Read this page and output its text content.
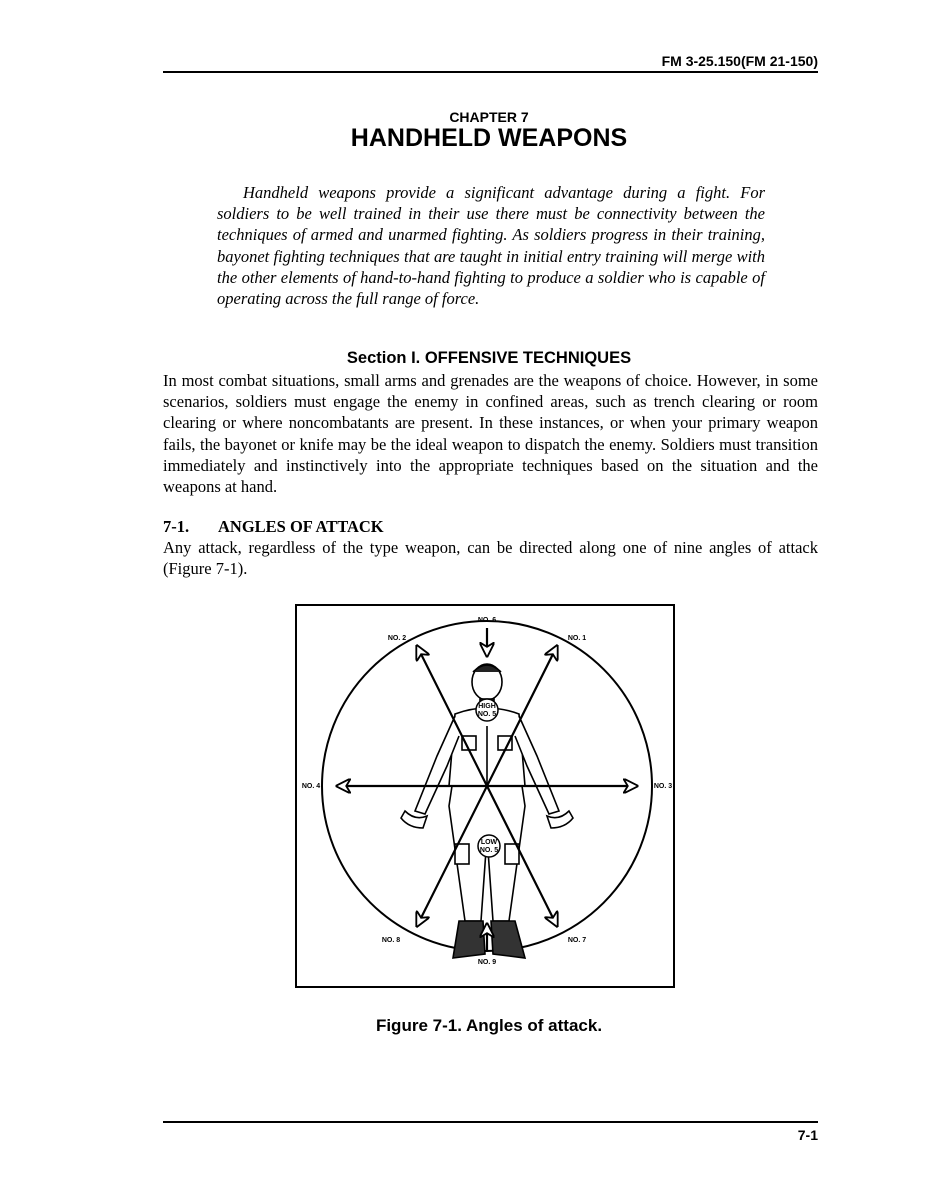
FM 3-25.150(FM 21-150)
CHAPTER 7
HANDHELD WEAPONS

Handheld weapons provide a significant advantage during a fight. For soldiers to be well trained in their use there must be connectivity between the techniques of armed and unarmed fighting. As soldiers progress in their training, bayonet fighting techniques that are taught in initial entry training will merge with the other elements of hand-to-hand fighting to produce a soldier who is capable of operating across the full range of force.

Section I. OFFENSIVE TECHNIQUES

In most combat situations, small arms and grenades are the weapons of choice. However, in some scenarios, soldiers must engage the enemy in confined areas, such as trench clearing or room clearing or where noncombatants are present. In these instances, or when your primary weapon fails, the bayonet or knife may be the ideal weapon to dispatch the enemy. Soldiers must transition immediately and instinctively into the appropriate techniques based on the situation and the weapons at hand.

7-1. ANGLES OF ATTACK

Any attack, regardless of the type weapon, can be directed along one of nine angles of attack (Figure 7-1).

HIGH
NO. 5
LOW
NO. 5
NO. 6
NO. 2	NO. 1
NO. 4	NO. 3
NO. 8	NO. 7
NO. 9
Figure 7-1. Angles of attack.
7-1
